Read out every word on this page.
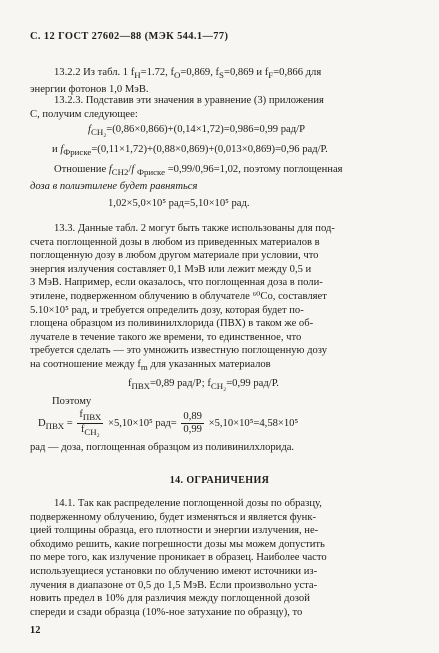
С. 12 ГОСТ 27602—88 (МЭК 544.1—77)

13.2.2 Из табл. 1 $f_H=1.72$, $f_O=0,869$, $f_S=0,869$ и $f_F=0,866$ для

энергии фотонов 1,0 МэВ.

13.2.3. Подставив эти значения в уравнение (3) приложения

С, получим следующее:

$f_{CH_2}=(0,86\times 0,866)+(0,14\times 1,72)=0,986=0,99$ рад/Р
и $f_{Фриcке}=(0,11\times 1,72)+(0,88\times 0,869)+(0,013\times 0,869)=0,96$ рад/Р.

Отношение $f_{CH2}/f$ $_{Фриcке}$ =0,99/0,96=1,02, поэтому поглощенная

доза в полиэтилене будет равняться

1,02×5,0×10⁵ рад=5,10×10⁵ рад.

13.3. Данные табл. 2 могут быть также использованы для под-

счета поглощенной дозы в любом из приведенных материалов в

поглощенную дозу в любом другом материале при условии, что

энергия излучения составляет 0,1 МэВ или лежит между 0,5 и

3 МэВ. Например, если оказалось, что поглощенная доза в поли-

этилене, подверженном облучению в облучателе ⁶⁰Co, составляет

5.10×10⁵ рад, и требуется определить дозу, которая будет по-

глощена образцом из поливинилхлорида (ПВХ) в таком же об-

лучателе в течение такого же времени, то единственное, что

требуется сделать — это умножить известную поглощенную дозу

на соотношение между $f_m$ для указанных материалов

$f_{ПВХ}=0,89$ рад/Р; $f_{CH_2}=0,99$ рад/Р.
Поэтому
$D_{ПВХ} = \frac{f_{ПВХ}}{f_{CH_2}} \times 5,10\times 10^5$ $рад= \frac{0,89}{0,99} \times 5,10\times 10^5=4,58\times 10^5$

рад — доза, поглощенная образцом из поливинилхлорида.

14. ОГРАНИЧЕНИЯ

14.1. Так как распределение поглощенной дозы по образцу,

подверженному облучению, будет изменяться и является функ-

цией толщины образца, его плотности и энергии излучения, не-

обходимо решить, какие погрешности дозы мы можем допустить

по мере того, как излучение проникает в образец. Наиболее часто

используещиеся установки по облучению имеют источники из-

лучения в диапазоне от 0,5 до 1,5 МэВ. Если произвольно уста-

новить предел в 10% для различия между поглощенной дозой

спереди и сзади образца (10%-ное затухание по образцу), то

12
